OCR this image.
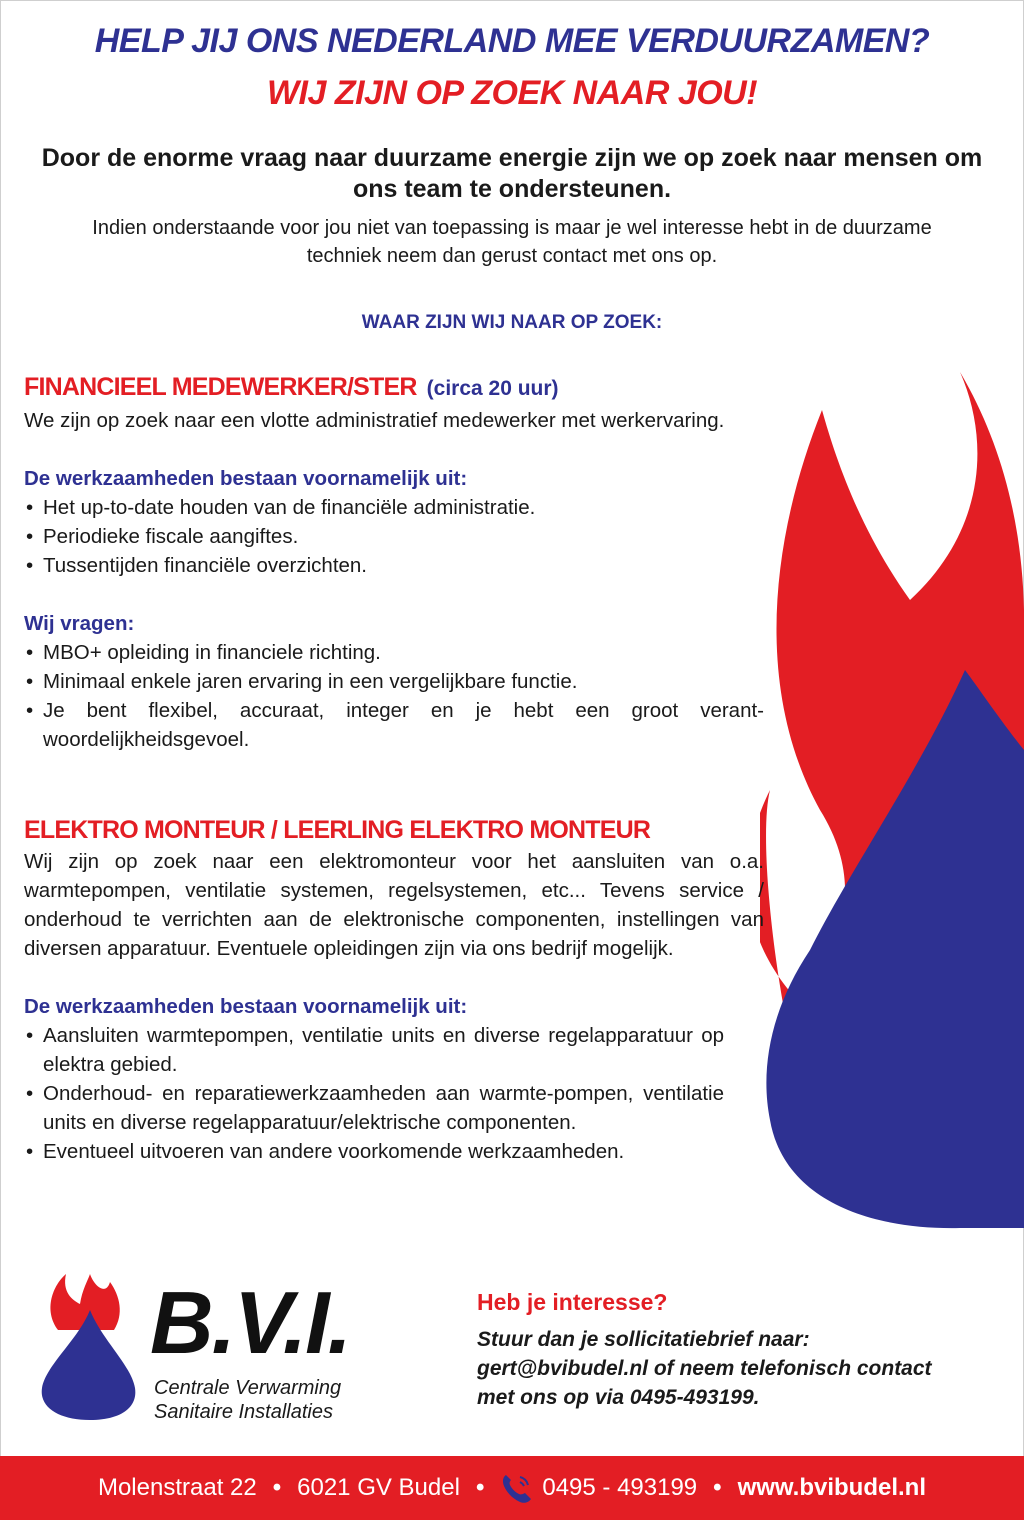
HELP JIJ ONS NEDERLAND MEE VERDUURZAMEN?
WIJ ZIJN OP ZOEK NAAR JOU!
Door de enorme vraag naar duurzame energie zijn we op zoek naar mensen om ons team te ondersteunen.
Indien onderstaande voor jou niet van toepassing is maar je wel interesse hebt in de duurzame techniek neem dan gerust contact met ons op.
WAAR ZIJN WIJ NAAR OP ZOEK:
FINANCIEEL MEDEWERKER/STER (circa 20 uur)
We zijn op zoek naar een vlotte administratief medewerker met werkervaring.
De werkzaamheden bestaan voornamelijk uit:
• Het up-to-date houden van de financiële administratie.
• Periodieke fiscale aangiftes.
• Tussentijden financiële overzichten.
Wij vragen:
• MBO+ opleiding in financiele richting.
• Minimaal enkele jaren ervaring in een vergelijkbare functie.
• Je bent flexibel, accuraat, integer en je hebt een groot verant-woordelijkheidsgevoel.
ELEKTRO MONTEUR / LEERLING ELEKTRO MONTEUR
Wij zijn op zoek naar een elektromonteur voor het aansluiten van o.a. warmtepompen, ventilatie systemen, regelsystemen, etc... Tevens service / onderhoud te verrichten aan de elektronische componenten, instellingen van diversen apparatuur. Eventuele opleidingen zijn via ons bedrijf mogelijk.
De werkzaamheden bestaan voornamelijk uit:
• Aansluiten warmtepompen, ventilatie units en diverse regelapparatuur op elektra gebied.
• Onderhoud- en reparatiewerkzaamheden aan warmte-pompen, ventilatie units en diverse regelapparatuur/elektrische componenten.
• Eventueel uitvoeren van andere voorkomende werkzaamheden.
B.V.I.
Centrale Verwarming
Sanitaire Installaties
Heb je interesse?
Stuur dan je sollicitatiebrief naar:
gert@bvibudel.nl of neem telefonisch contact
met ons op via 0495-493199.
Molenstraat 22 • 6021 GV Budel • 0495 - 493199 • www.bvibudel.nl
